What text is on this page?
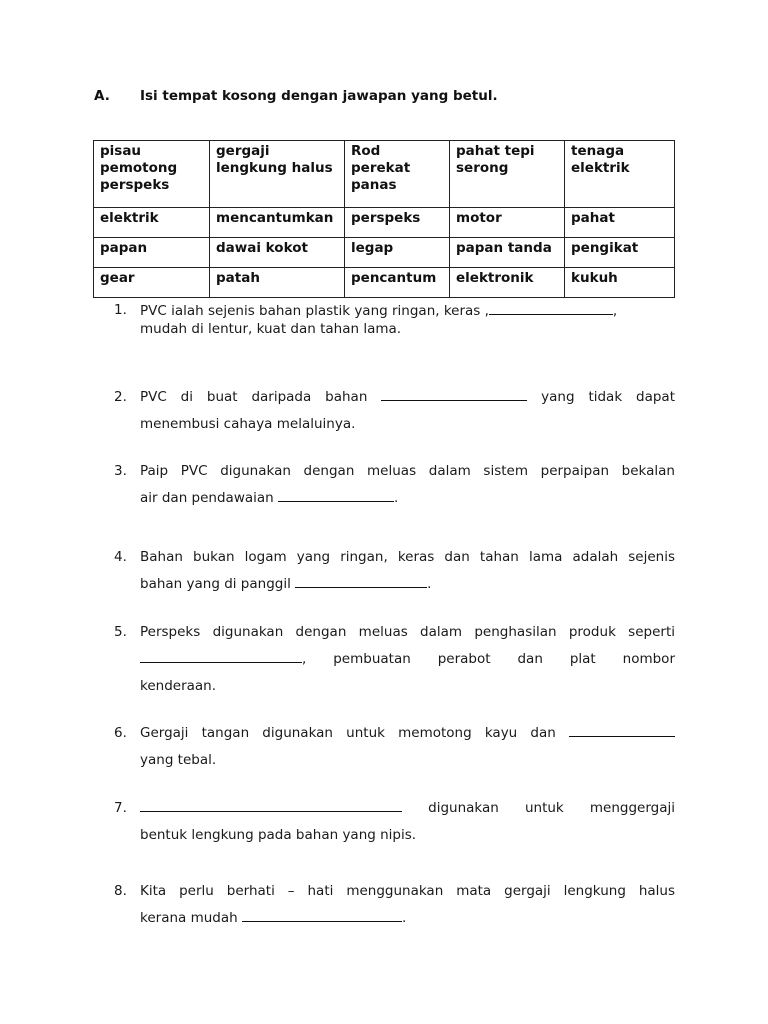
A. Isi tempat kosong dengan jawapan yang betul.
pisau pemotong perspeks	gergaji lengkung halus	Rod perekat panas	pahat tepi serong	tenaga elektrik
elektrik	mencantumkan	perspeks	motor	pahat
papan	dawai kokot	legap	papan tanda	pengikat
gear	patah	pencantum	elektronik	kukuh
1. PVC ialah sejenis bahan plastik yang ringan, keras ,	,
mudah di lentur, kuat dan tahan lama.
2. PVC di buat daripada bahan	yang tidak dapat
menembusi cahaya melaluinya.
3. Paip PVC digunakan dengan meluas dalam sistem perpaipan bekalan
air dan pendawaian	.
4. Bahan bukan logam yang ringan, keras dan tahan lama adalah sejenis
bahan yang di panggil	.
5. Perspeks digunakan dengan meluas dalam penghasilan produk seperti
, pembuatan perabot dan plat nombor
kenderaan.
6. Gergaji tangan digunakan untuk memotong kayu dan
yang tebal.
7.	digunakan untuk menggergaji
bentuk lengkung pada bahan yang nipis.
8. Kita perlu berhati – hati menggunakan mata gergaji lengkung halus
kerana mudah	.
